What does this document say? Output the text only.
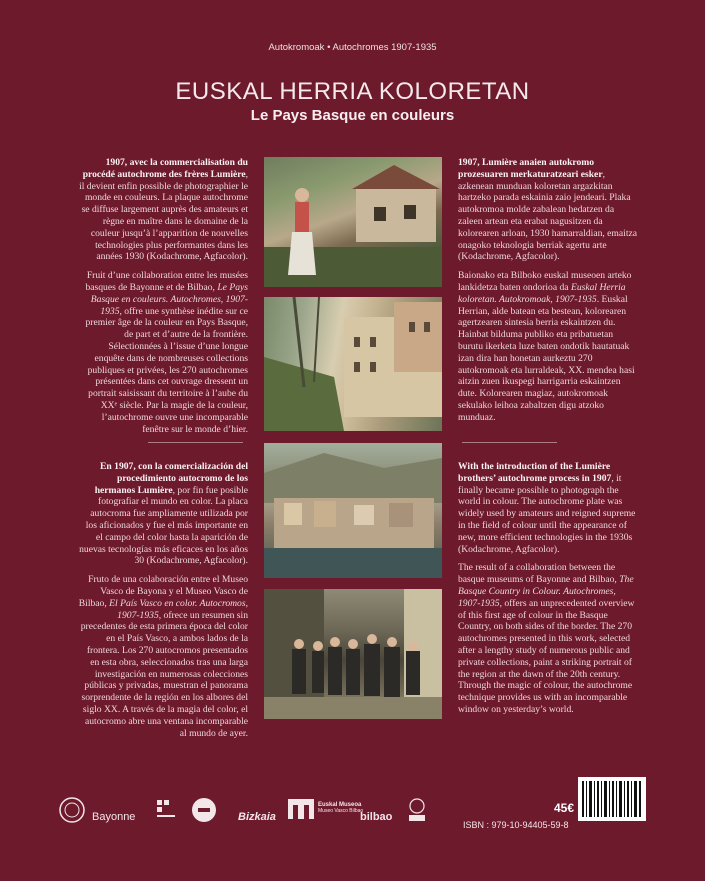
Autokromoak • Autochromes 1907-1935
EUSKAL HERRIA KOLORETAN
Le Pays Basque en couleurs

1907, avec la commercialisation du procédé autochrome des frères Lumière, il devient enfin possible de photographier le monde en couleurs. La plaque autochrome se diffuse largement auprès des amateurs et règne en maître dans le domaine de la couleur jusqu’à l’apparition de nouvelles technologies plus performantes dans les années 1930 (Kodachrome, Agfacolor).

Fruit d’une collaboration entre les musées basques de Bayonne et de Bilbao, Le Pays Basque en couleurs. Autochromes, 1907-1935, offre une synthèse inédite sur ce premier âge de la couleur en Pays Basque, de part et d’autre de la frontière. Sélectionnées à l’issue d’une longue enquête dans de nombreuses collections publiques et privées, les 270 autochromes présentées dans cet ouvrage dressent un portrait saisissant du territoire à l’aube du XXᵉ siècle. Par la magie de la couleur, l’autochrome ouvre une incomparable fenêtre sur le monde d’hier.

1907, Lumière anaien autokromo prozesuaren merkaturatzeari esker, azkenean munduan koloretan argazkitan hartzeko parada eskainia zaio jendeari. Plaka autokromoa molde zabalean hedatzen da zaleen artean eta erabat nagusitzen da kolorearen arloan, 1930 hamarraldian, emaitza onagoko teknologia berriak agertu arte (Kodachrome, Agfacolor).

Baionako eta Bilboko euskal museoen arteko lankidetza baten ondorioa da Euskal Herria koloretan. Autokromoak, 1907-1935. Euskal Herrian, alde batean eta bestean, kolorearen agertzearen sintesia berria eskaintzen du. Hainbat bilduma publiko eta pribatuetan burutu ikerketa luze baten ondotik hautatuak izan dira han honetan aurkeztu 270 autokromoak eta lurraldeak, XX. mendea hasi aitzin zuen ikuspegi harrigarria eskaintzen dute. Kolorearen magiaz, autokromoak sekulako leihoa zabaltzen digu atzoko munduaz.

En 1907, con la comercialización del procedimiento autocromo de los hermanos Lumière, por fin fue posible fotografiar el mundo en color. La placa autocroma fue ampliamente utilizada por los aficionados y fue el más importante en el campo del color hasta la aparición de nuevas tecnologías más eficaces en los años 30 (Kodachrome, Agfacolor).

Fruto de una colaboración entre el Museo Vasco de Bayona y el Museo Vasco de Bilbao, El País Vasco en color. Autocromos, 1907-1935, ofrece un resumen sin precedentes de esta primera época del color en el País Vasco, a ambos lados de la frontera. Los 270 autocromos presentados en esta obra, seleccionados tras una larga investigación en numerosas colecciones públicas y privadas, muestran el panorama sorprendente de la región en los albores del siglo XX. A través de la magia del color, el autocromo abre una ventana incomparable al mundo de ayer.

With the introduction of the Lumière brothers’ autochrome process in 1907, it finally became possible to photograph the world in colour. The autochrome plate was widely used by amateurs and reigned supreme in the field of colour until the appearance of new, more efficient technologies in the 1930s (Kodachrome, Agfacolor).

The result of a collaboration between the basque museums of Bayonne and Bilbao, The Basque Country in Colour. Autochromes, 1907-1935, offers an unprecedented overview of this first age of colour in the Basque Country, on both sides of the border. The 270 autochromes presented in this work, selected after a lengthy study of numerous public and private collections, paint a striking portrait of the region at the dawn of the 20th century. Through the magic of colour, the autochrome technique provides us with an incomparable window on yesterday’s world.

Bayonne	Bizkaia
Euskal Museoa
Museo Vasco Bilbao
bilbao
45€
ISBN : 979-10-94405-59-8
